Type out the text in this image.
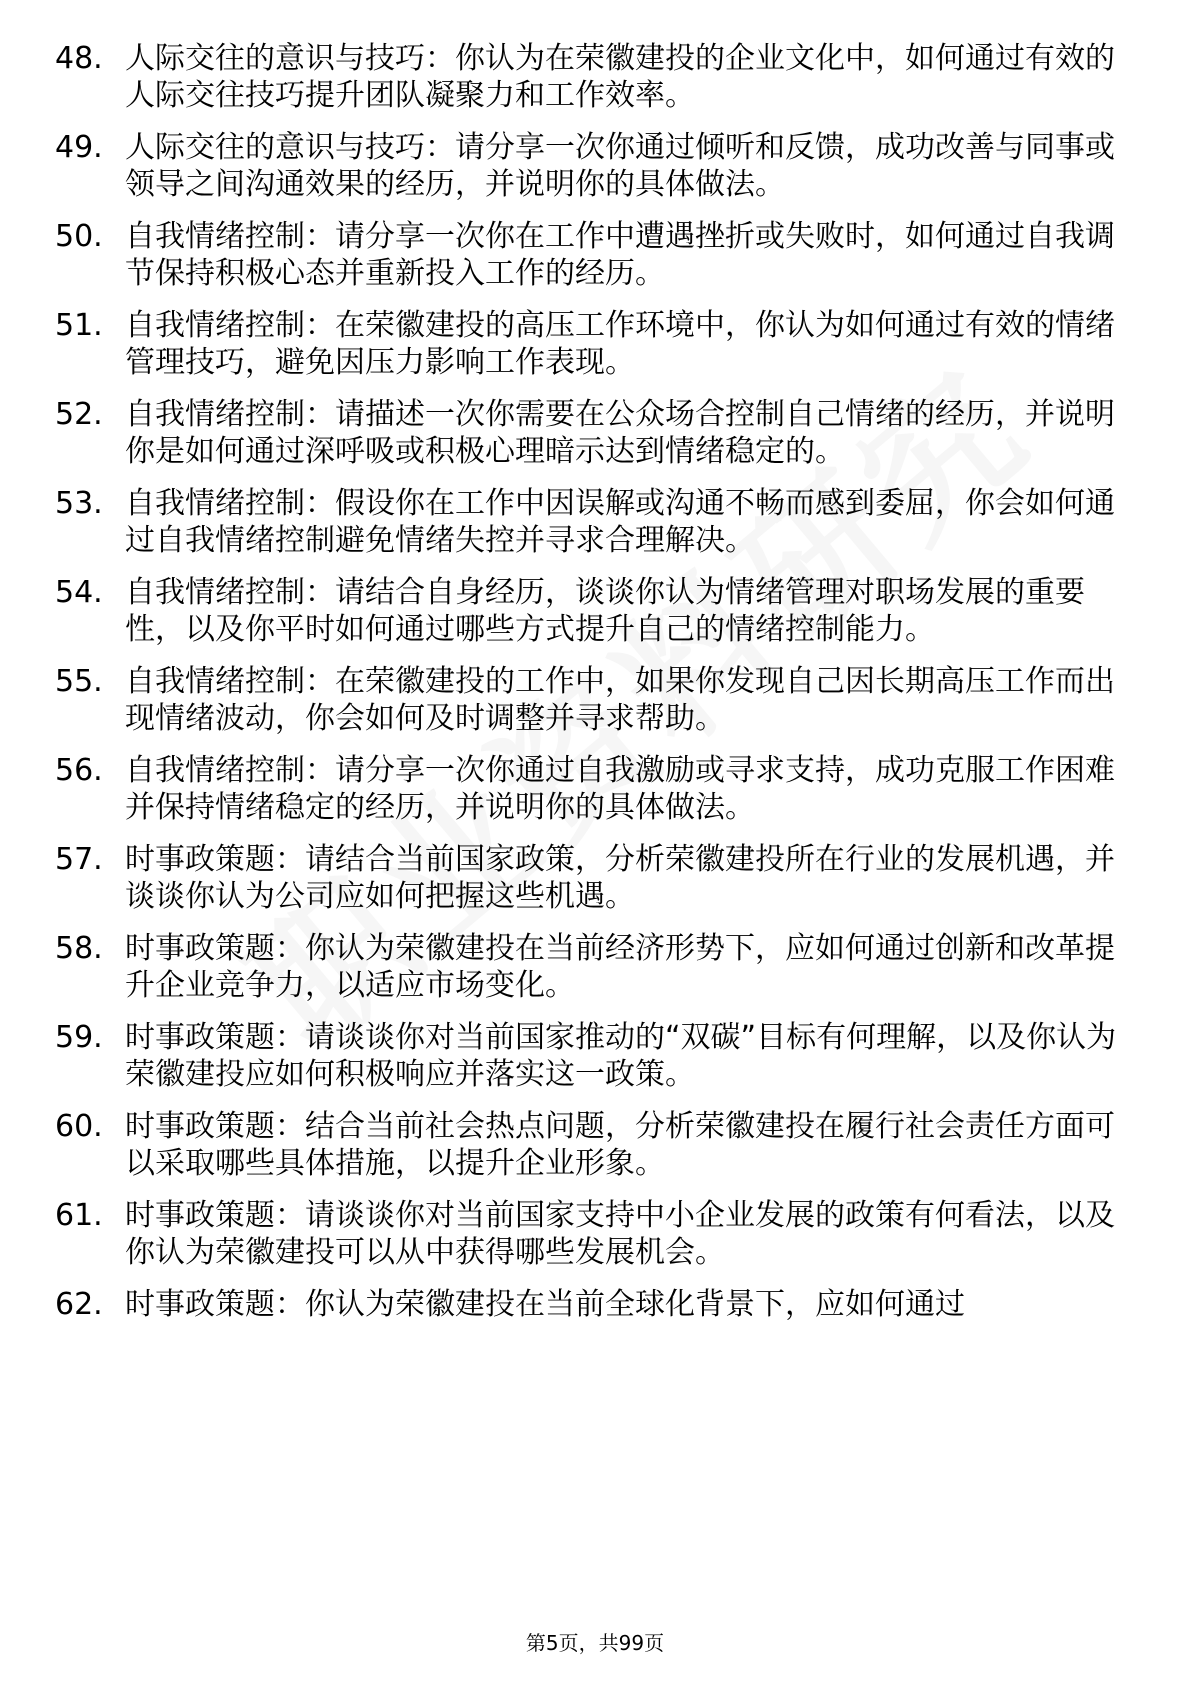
48. 人际交往的意识与技巧：你认为在荣徽建投的企业文化中，如何通过有效的人际交往技巧提升团队凝聚力和工作效率。
49. 人际交往的意识与技巧：请分享一次你通过倾听和反馈，成功改善与同事或领导之间沟通效果的经历，并说明你的具体做法。
50. 自我情绪控制：请分享一次你在工作中遭遇挫折或失败时，如何通过自我调节保持积极心态并重新投入工作的经历。
51. 自我情绪控制：在荣徽建投的高压工作环境中，你认为如何通过有效的情绪管理技巧，避免因压力影响工作表现。
52. 自我情绪控制：请描述一次你需要在公众场合控制自己情绪的经历，并说明你是如何通过深呼吸或积极心理暗示达到情绪稳定的。
53. 自我情绪控制：假设你在工作中因误解或沟通不畅而感到委屈，你会如何通过自我情绪控制避免情绪失控并寻求合理解决。
54. 自我情绪控制：请结合自身经历，谈谈你认为情绪管理对职场发展的重要性，以及你平时如何通过哪些方式提升自己的情绪控制能力。
55. 自我情绪控制：在荣徽建投的工作中，如果你发现自己因长期高压工作而出现情绪波动，你会如何及时调整并寻求帮助。
56. 自我情绪控制：请分享一次你通过自我激励或寻求支持，成功克服工作困难并保持情绪稳定的经历，并说明你的具体做法。
57. 时事政策题：请结合当前国家政策，分析荣徽建投所在行业的发展机遇，并谈谈你认为公司应如何把握这些机遇。
58. 时事政策题：你认为荣徽建投在当前经济形势下，应如何通过创新和改革提升企业竞争力，以适应市场变化。
59. 时事政策题：请谈谈你对当前国家推动的“双碳”目标有何理解，以及你认为荣徽建投应如何积极响应并落实这一政策。
60. 时事政策题：结合当前社会热点问题，分析荣徽建投在履行社会责任方面可以采取哪些具体措施，以提升企业形象。
61. 时事政策题：请谈谈你对当前国家支持中小企业发展的政策有何看法，以及你认为荣徽建投可以从中获得哪些发展机会。
62. 时事政策题：你认为荣徽建投在当前全球化背景下，应如何通过
第5页，共99页
